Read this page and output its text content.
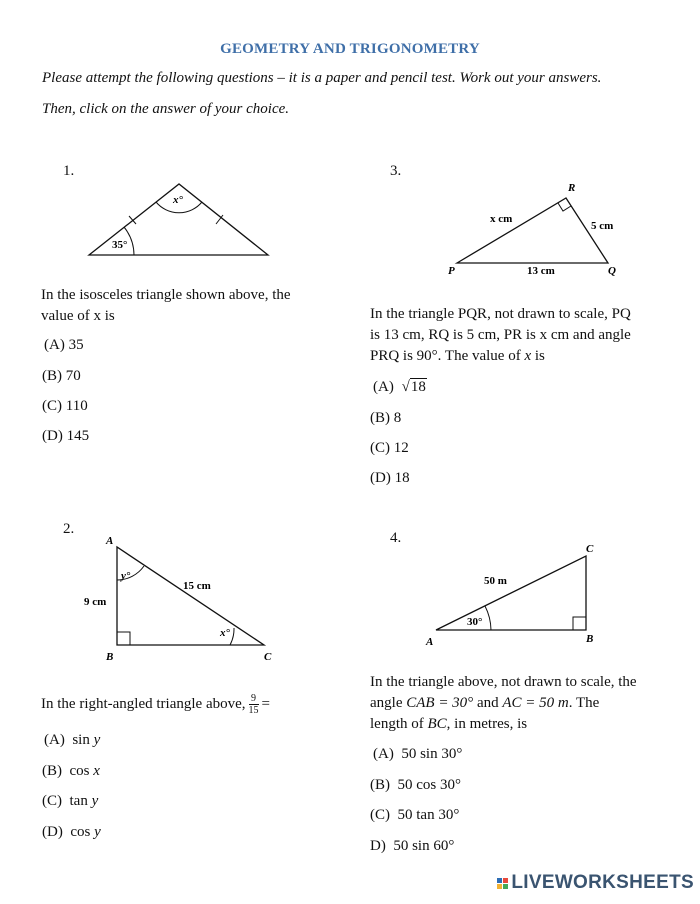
GEOMETRY AND TRIGONOMETRY
Please attempt the following questions – it is a paper and pencil test. Work out your answers.
Then, click on the answer of your choice.
1.
x°
35°
In the isosceles triangle shown above, the
value of x is
(A) 35
(B) 70
(C) 110
(D) 145
3.
R
P	Q
x cm
5 cm
13 cm
In the triangle PQR, not drawn to scale, PQ
is 13 cm, RQ is 5 cm, PR is x cm and angle
PRQ is 90°. The value of x is
(A) √18
(B) 8
(C) 12
(D) 18
2.
A
B	C
9 cm
15 cm
y°
x°
In the right-angled triangle above, $\frac{9}{15}$ =
(A) sin y
(B) cos x
(C) tan y
(D) cos y
4.
C
A	B
50 m
30°
In the triangle above, not drawn to scale, the
angle CAB = 30° and AC = 50 m. The
length of BC, in metres, is
(A) 50 sin 30°
(B) 50 cos 30°
(C) 50 tan 30°
D) 50 sin 60°
LIVEWORKSHEETS
